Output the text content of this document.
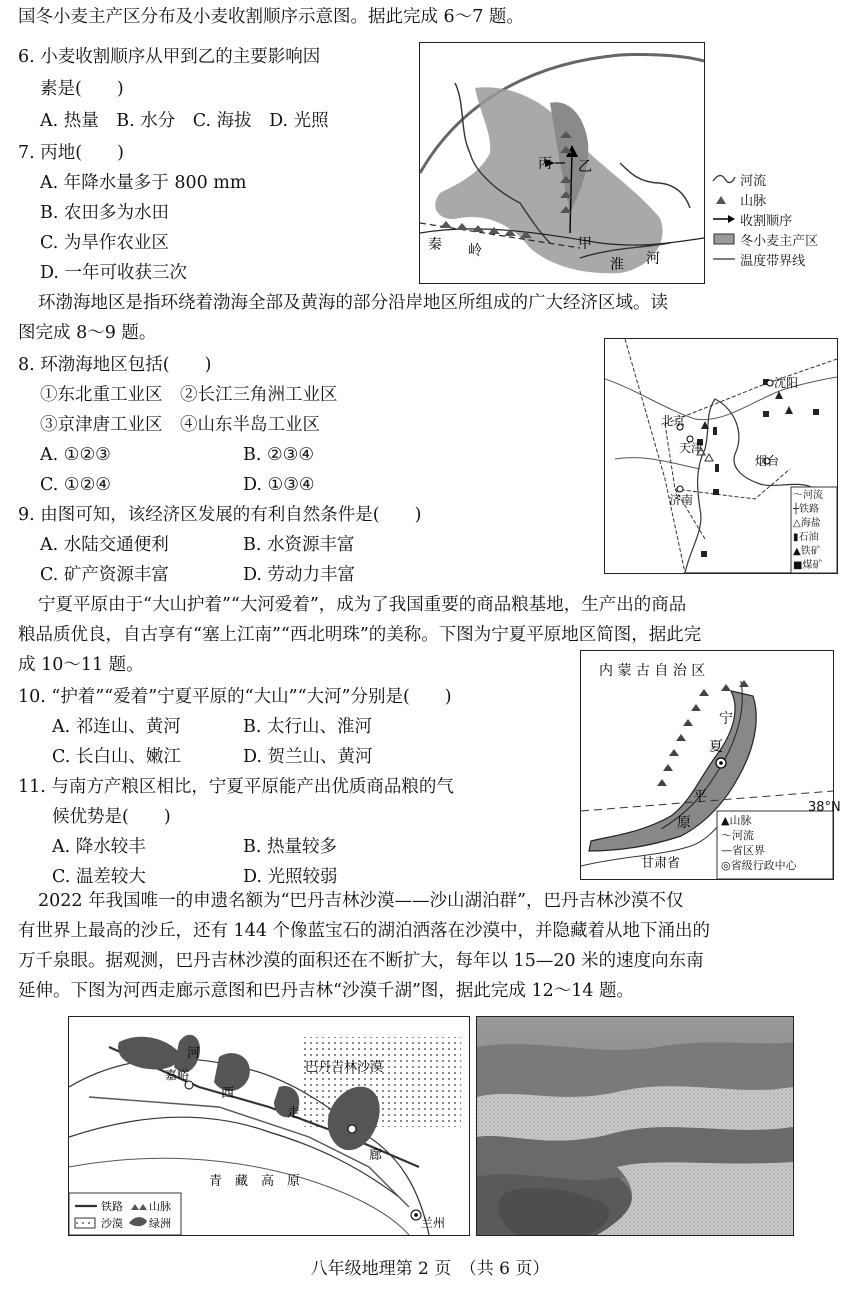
国冬小麦主产区分布及小麦收割顺序示意图。据此完成 6～7 题。
6. 小麦收割顺序从甲到乙的主要影响因
素是(　　)
A. 热量　B. 水分　C. 海拔　D. 光照
7. 丙地(　　)
A. 年降水量多于 800 mm
B. 农田多为水田
C. 为旱作农业区
D. 一年可收获三次
丙 乙
甲
秦 岭
淮 河
河流
山脉
收割顺序
冬小麦主产区
温度带界线
环渤海地区是指环绕着渤海全部及黄海的部分沿岸地区所组成的广大经济区域。读
图完成 8～9 题。
8. 环渤海地区包括(　　)
①东北重工业区　②长江三角洲工业区
③京津唐工业区　④山东半岛工业区
A. ①②③	B. ②③④
C. ①②④	D. ①③④
9. 由图可知，该经济区发展的有利自然条件是(　　)
A. 水陆交通便利	B. 水资源丰富
C. 矿产资源丰富	D. 劳动力丰富
沈阳
北京
天津
烟台
济南	～河流
┼铁路
△海盐
▮石油
▲铁矿
■煤矿
宁夏平原由于“大山护着”“大河爱着”，成为了我国重要的商品粮基地，生产出的商品
粮品质优良，自古享有“塞上江南”“西北明珠”的美称。下图为宁夏平原地区简图，据此完
成 10～11 题。
10. “护着”“爱着”宁夏平原的“大山”“大河”分别是(　　)
A. 祁连山、黄河	B. 太行山、淮河
C. 长白山、嫩江	D. 贺兰山、黄河
11. 与南方产粮区相比，宁夏平原能产出优质商品粮的气
候优势是(　　)
A. 降水较丰	B. 热量较多
C. 温差较大	D. 光照较弱
内 蒙 古 自 治 区
宁
夏
平
原
甘肃省
▲山脉
～河流
—省区界
◎省级行政中心
38°N
2022 年我国唯一的申遗名额为“巴丹吉林沙漠——沙山湖泊群”，巴丹吉林沙漠不仅
有世界上最高的沙丘，还有 144 个像蓝宝石的湖泊洒落在沙漠中，并隐藏着从地下涌出的
万千泉眼。据观测，巴丹吉林沙漠的面积还在不断扩大，每年以 15—20 米的速度向东南
延伸。下图为河西走廊示意图和巴丹吉林“沙漠千湖”图，据此完成 12～14 题。
巴丹吉林沙漠
青　藏　高　原
嘉峪
兰州
河
西
走
廊
铁路 山脉
沙漠 绿洲
八年级地理第 2 页　（共 6 页）
